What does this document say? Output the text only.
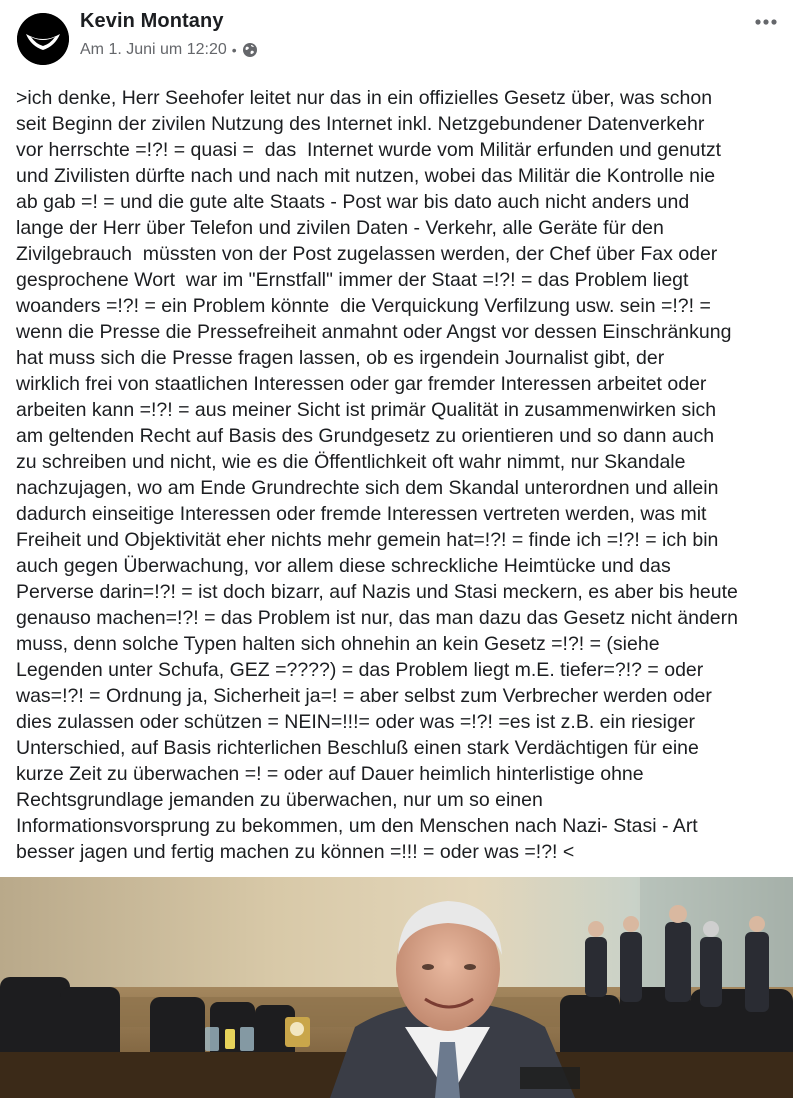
Kevin Montany
Am 1. Juni um 12:20 •
>ich denke, Herr Seehofer leitet nur das in ein offizielles Gesetz über, was schon
seit Beginn der zivilen Nutzung des Internet inkl. Netzgebundener Datenverkehr
vor herrschte =!?! = quasi =  das  Internet wurde vom Militär erfunden und genutzt
und Zivilisten dürfte nach und nach mit nutzen, wobei das Militär die Kontrolle nie
ab gab =! = und die gute alte Staats - Post war bis dato auch nicht anders und
lange der Herr über Telefon und zivilen Daten - Verkehr, alle Geräte für den
Zivilgebrauch  müssten von der Post zugelassen werden, der Chef über Fax oder
gesprochene Wort  war im "Ernstfall" immer der Staat =!?! = das Problem liegt
woanders =!?! = ein Problem könnte  die Verquickung Verfilzung usw. sein =!?! =
wenn die Presse die Pressefreiheit anmahnt oder Angst vor dessen Einschränkung
hat muss sich die Presse fragen lassen, ob es irgendein Journalist gibt, der
wirklich frei von staatlichen Interessen oder gar fremder Interessen arbeitet oder
arbeiten kann =!?! = aus meiner Sicht ist primär Qualität in zusammenwirken sich
am geltenden Recht auf Basis des Grundgesetz zu orientieren und so dann auch
zu schreiben und nicht, wie es die Öffentlichkeit oft wahr nimmt, nur Skandale
nachzujagen, wo am Ende Grundrechte sich dem Skandal unterordnen und allein
dadurch einseitige Interessen oder fremde Interessen vertreten werden, was mit
Freiheit und Objektivität eher nichts mehr gemein hat=!?! = finde ich =!?! = ich bin
auch gegen Überwachung, vor allem diese schreckliche Heimtücke und das
Perverse darin=!?! = ist doch bizarr, auf Nazis und Stasi meckern, es aber bis heute
genauso machen=!?! = das Problem ist nur, das man dazu das Gesetz nicht ändern
muss, denn solche Typen halten sich ohnehin an kein Gesetz =!?! = (siehe
Legenden unter Schufa, GEZ =????) = das Problem liegt m.E. tiefer=?!? = oder
was=!?! = Ordnung ja, Sicherheit ja=! = aber selbst zum Verbrecher werden oder
dies zulassen oder schützen = NEIN=!!!= oder was =!?! =es ist z.B. ein riesiger
Unterschied, auf Basis richterlichen Beschluß einen stark Verdächtigen für eine
kurze Zeit zu überwachen =! = oder auf Dauer heimlich hinterlistige ohne
Rechtsgrundlage jemanden zu überwachen, nur um so einen
Informationsvorsprung zu bekommen, um den Menschen nach Nazi- Stasi - Art
besser jagen und fertig machen zu können =!!! = oder was =!?! <
